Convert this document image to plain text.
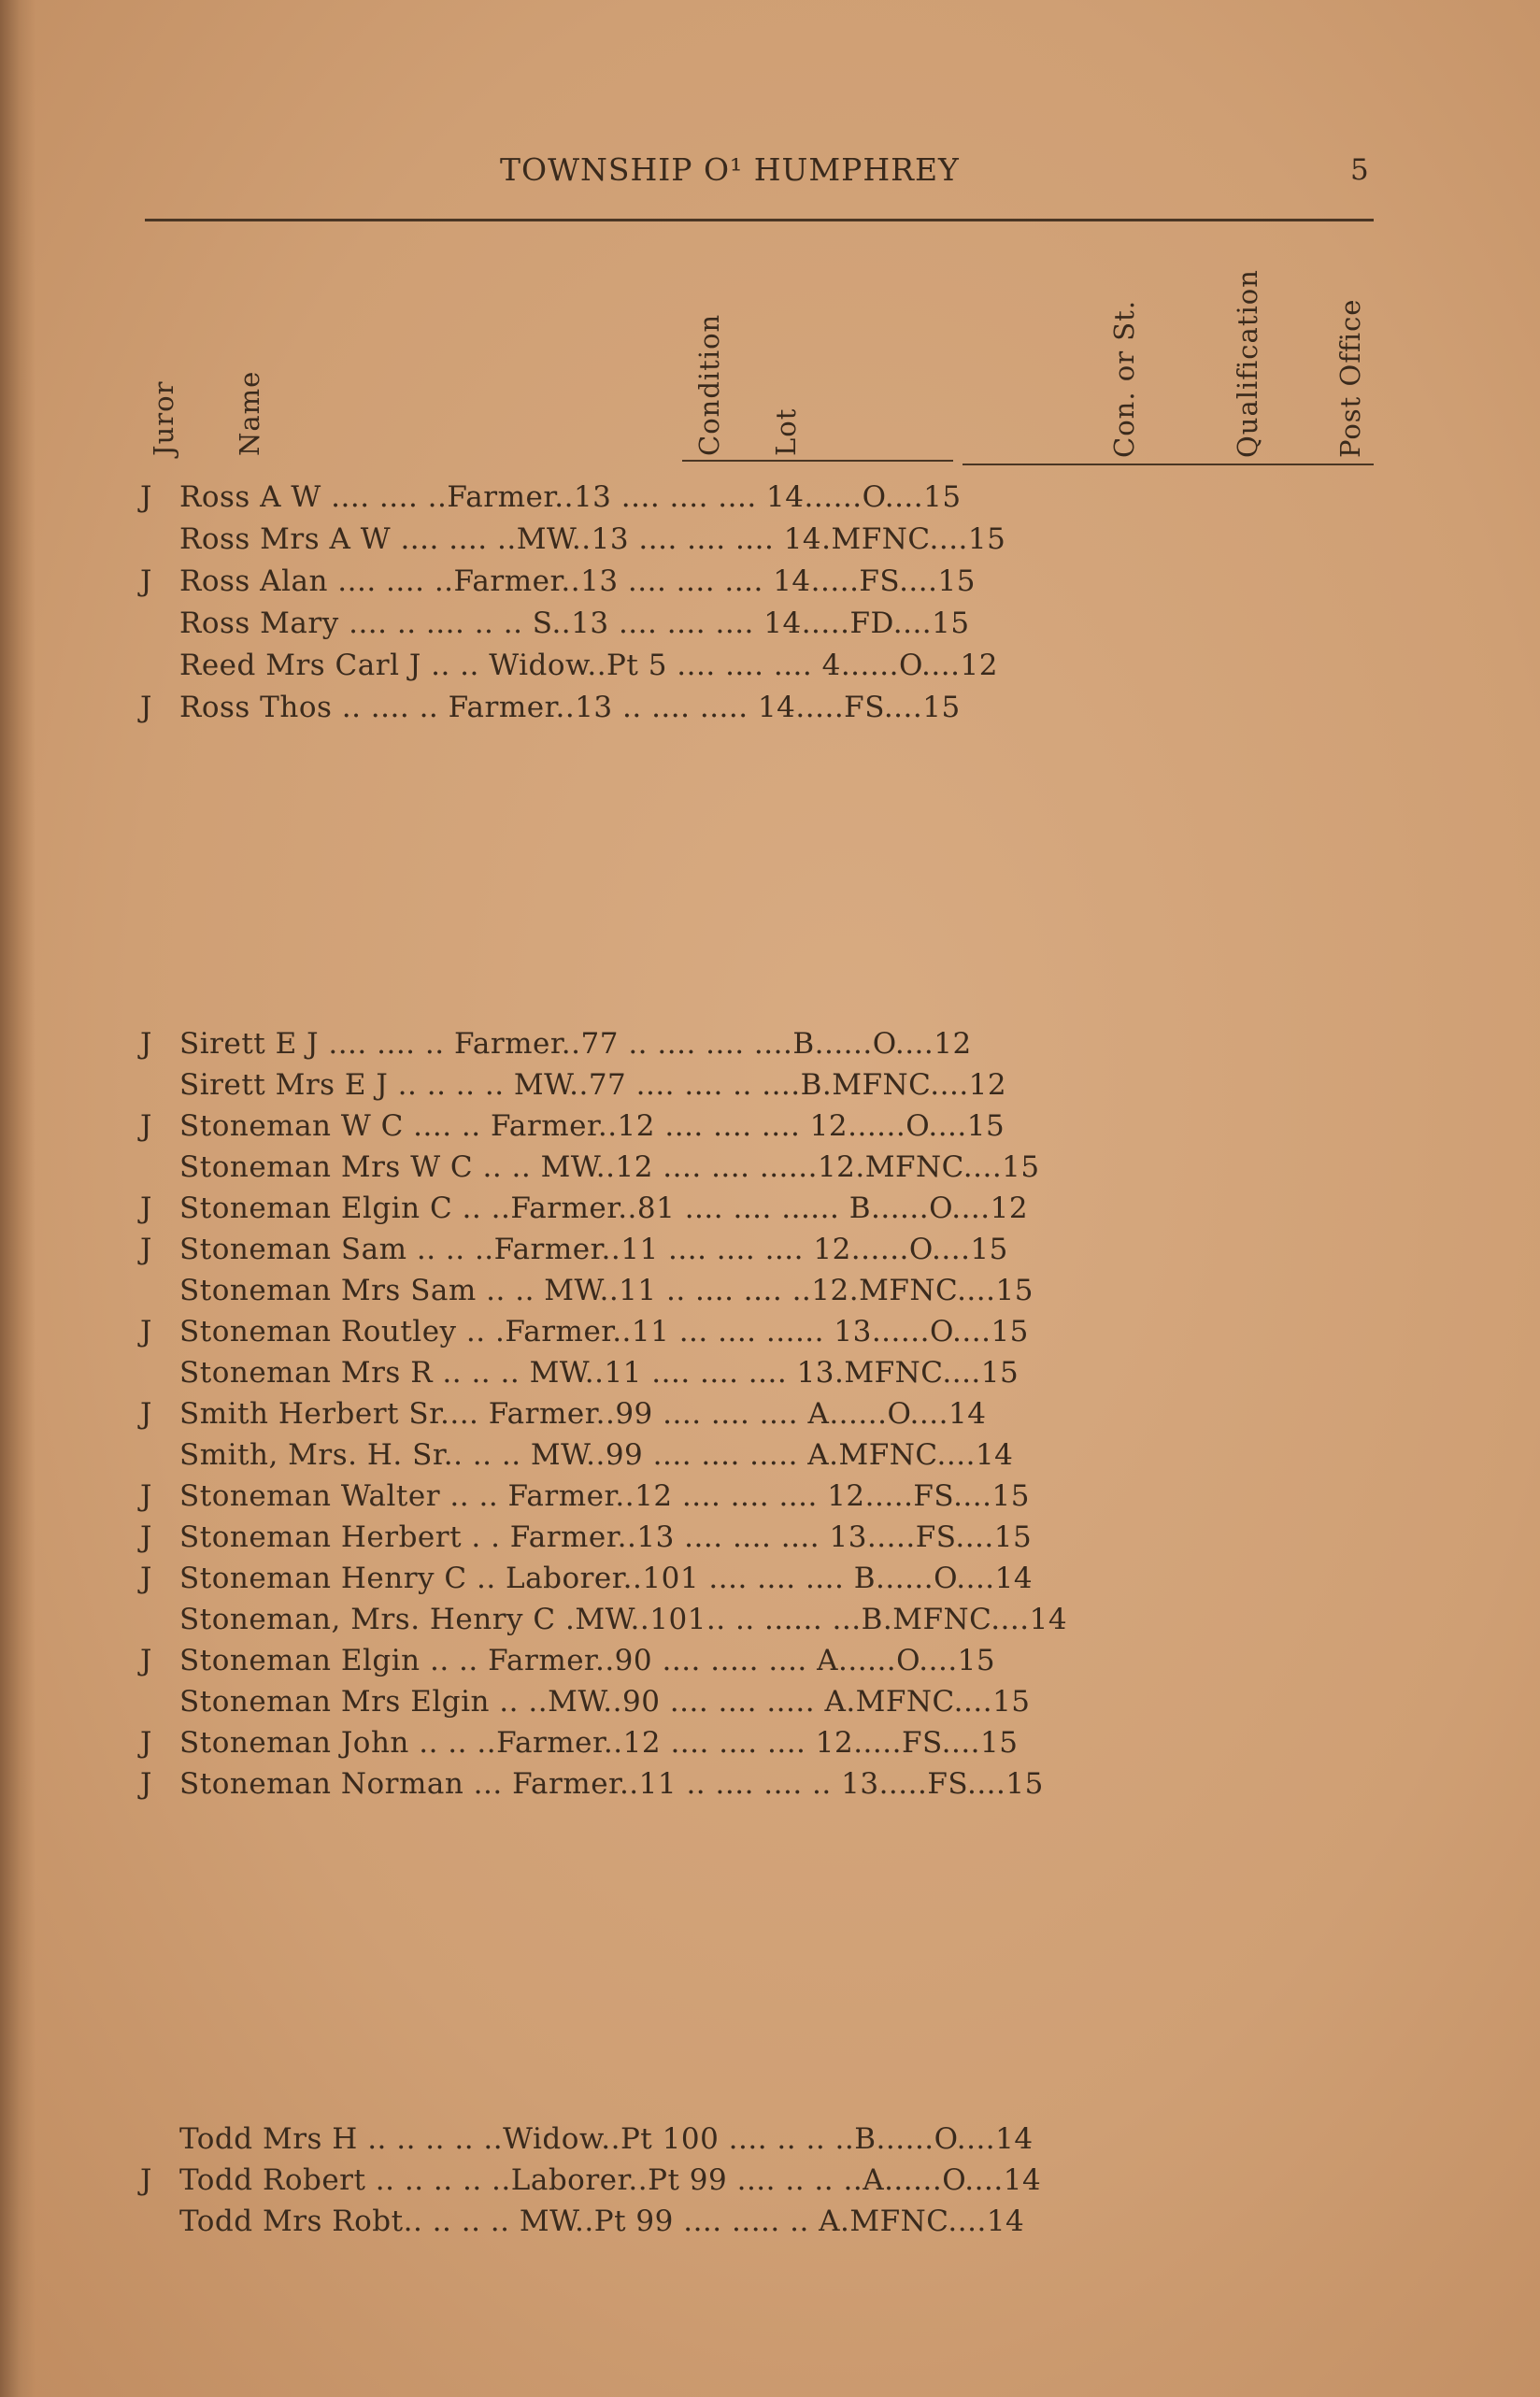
TOWNSHIP O¹ HUMPHREY	5
Juror Name	Condition Lot	Con. or St.	Qualification	Post Office
J Ross A W .... .... ..Farmer..13 .... .... .... 14......O....15
Ross Mrs A W .... .... ..MW..13 .... .... .... 14.MFNC....15
J Ross Alan .... .... ..Farmer..13 .... .... .... 14.....FS....15
Ross Mary .... .. .... .. .. S..13 .... .... .... 14.....FD....15
Reed Mrs Carl J .. .. Widow..Pt 5 .... .... .... 4......O....12
J Ross Thos .. .... .. Farmer..13 .. .... ..... 14.....FS....15
J Sirett E J .... .... .. Farmer..77 .. .... .... ....B......O....12
Sirett Mrs E J .. .. .. .. MW..77 .... .... .. ....B.MFNC....12
J Stoneman W C .... .. Farmer..12 .... .... .... 12......O....15
Stoneman Mrs W C .. .. MW..12 .... .... ......12.MFNC....15
J Stoneman Elgin C .. ..Farmer..81 .... .... ...... B......O....12
J Stoneman Sam .. .. ..Farmer..11 .... .... .... 12......O....15
Stoneman Mrs Sam .. .. MW..11 .. .... .... ..12.MFNC....15
J Stoneman Routley .. .Farmer..11 ... .... ...... 13......O....15
Stoneman Mrs R .. .. .. MW..11 .... .... .... 13.MFNC....15
J Smith Herbert Sr.... Farmer..99 .... .... .... A......O....14
Smith, Mrs. H. Sr.. .. .. MW..99 .... .... ..... A.MFNC....14
J Stoneman Walter .. .. Farmer..12 .... .... .... 12.....FS....15
J Stoneman Herbert . . Farmer..13 .... .... .... 13.....FS....15
J Stoneman Henry C .. Laborer..101 .... .... .... B......O....14
Stoneman, Mrs. Henry C .MW..101.. .. ...... ...B.MFNC....14
J Stoneman Elgin .. .. Farmer..90 .... ..... .... A......O....15
Stoneman Mrs Elgin .. ..MW..90 .... .... ..... A.MFNC....15
J Stoneman John .. .. ..Farmer..12 .... .... .... 12.....FS....15
J Stoneman Norman ... Farmer..11 .. .... .... .. 13.....FS....15
Todd Mrs H .. .. .. .. ..Widow..Pt 100 .... .. .. ..B......O....14
J Todd Robert .. .. .. .. ..Laborer..Pt 99 .... .. .. ..A......O....14
Todd Mrs Robt.. .. .. .. MW..Pt 99 .... ..... .. A.MFNC....14
